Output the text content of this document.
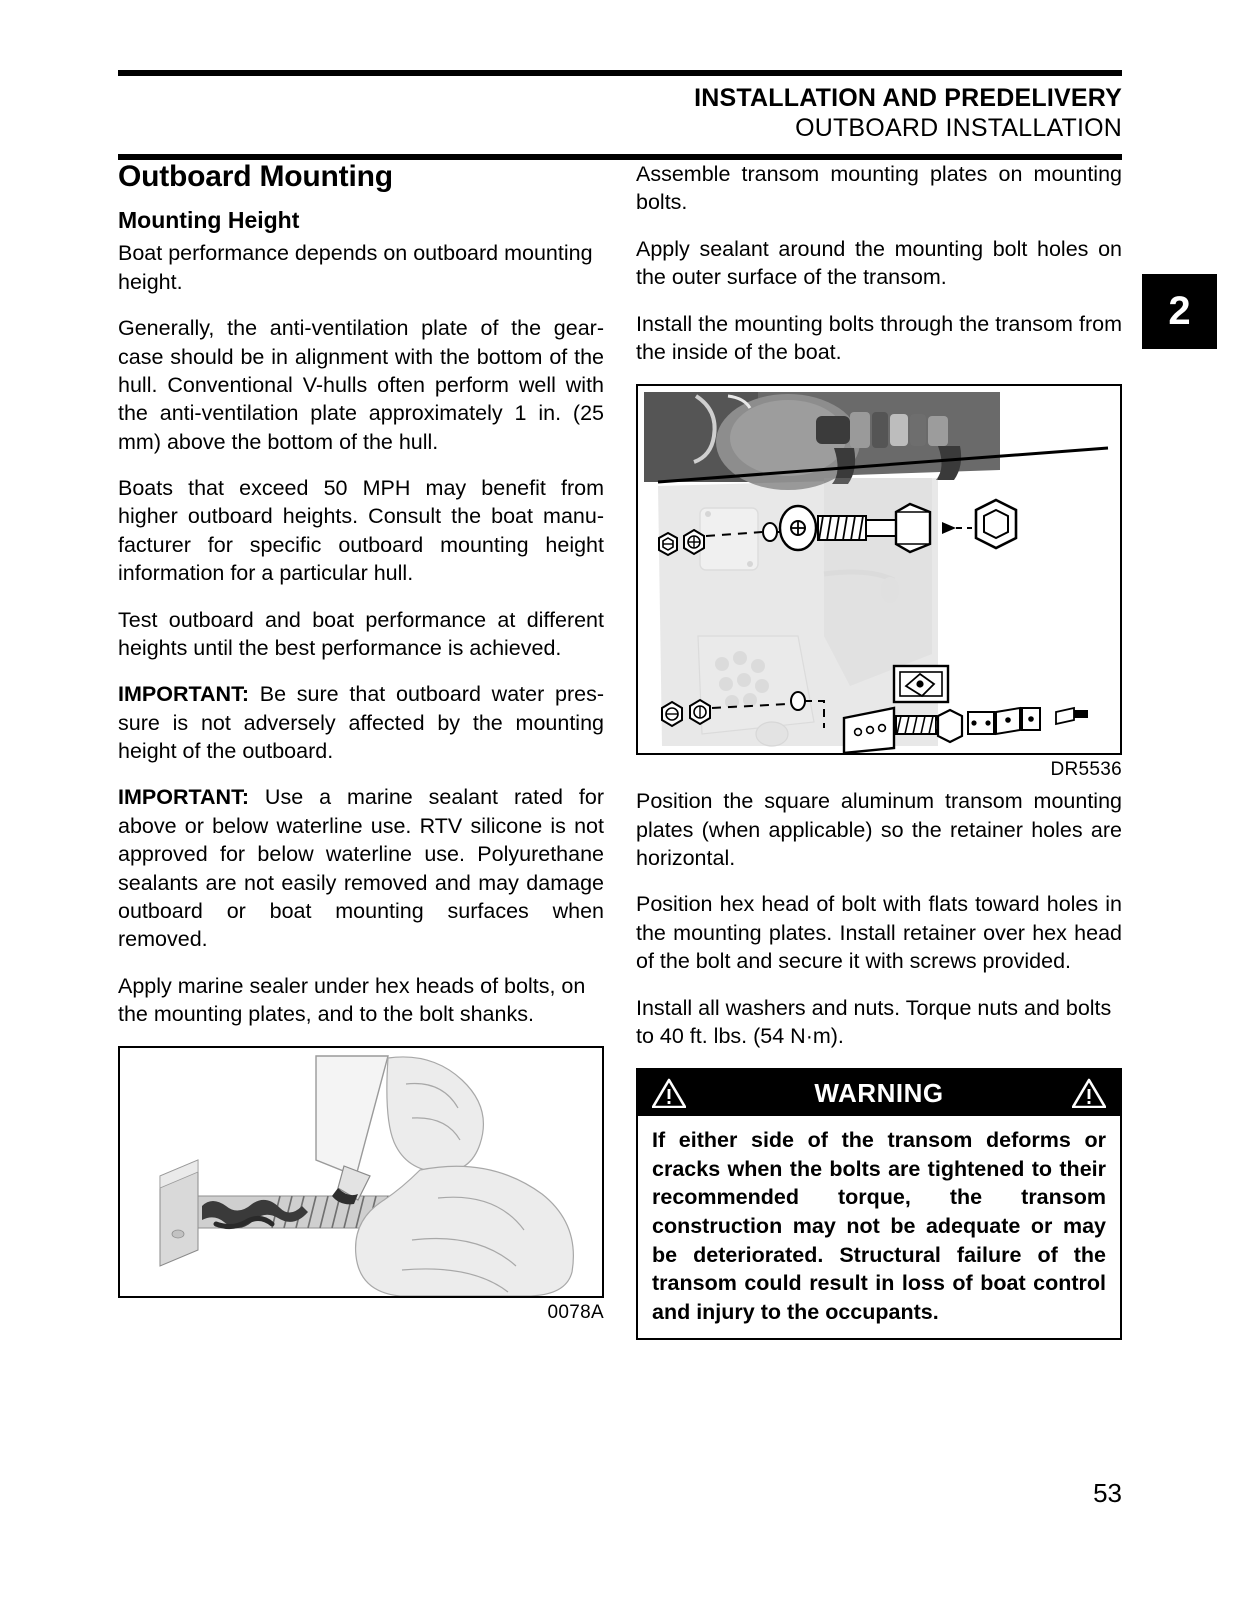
INSTALLATION AND PREDELIVERY
OUTBOARD INSTALLATION
2
Outboard Mounting
Mounting Height

Boat performance depends on outboard mounting height.

Generally, the anti-ventilation plate of the gear-case should be in alignment with the bottom of the hull. Conventional V-hulls often perform well with the anti-ventilation plate approximately 1 in. (25 mm) above the bottom of the hull.

Boats that exceed 50 MPH may benefit from higher outboard heights. Consult the boat manu-facturer for specific outboard mounting height information for a particular hull.

Test outboard and boat performance at different heights until the best performance is achieved.

IMPORTANT: Be sure that outboard water pres-sure is not adversely affected by the mounting height of the outboard.

IMPORTANT: Use a marine sealant rated for above or below waterline use. RTV silicone is not approved for below waterline use. Polyurethane sealants are not easily removed and may damage outboard or boat mounting surfaces when removed.

Apply marine sealer under hex heads of bolts, on the mounting plates, and to the bolt shanks.

0078A

Assemble transom mounting plates on mounting bolts.

Apply sealant around the mounting bolt holes on the outer surface of the transom.

Install the mounting bolts through the transom from the inside of the boat.

DR5536

Position the square aluminum transom mounting plates (when applicable) so the retainer holes are horizontal.

Position hex head of bolt with flats toward holes in the mounting plates. Install retainer over hex head of the bolt and secure it with screws provided.

Install all washers and nuts. Torque nuts and bolts to 40 ft. lbs. (54 N·m).

WARNING
If either side of the transom deforms or cracks when the bolts are tightened to their recommended torque, the transom construction may not be adequate or may be deteriorated. Structural failure of the transom could result in loss of boat control and injury to the occupants.
53
